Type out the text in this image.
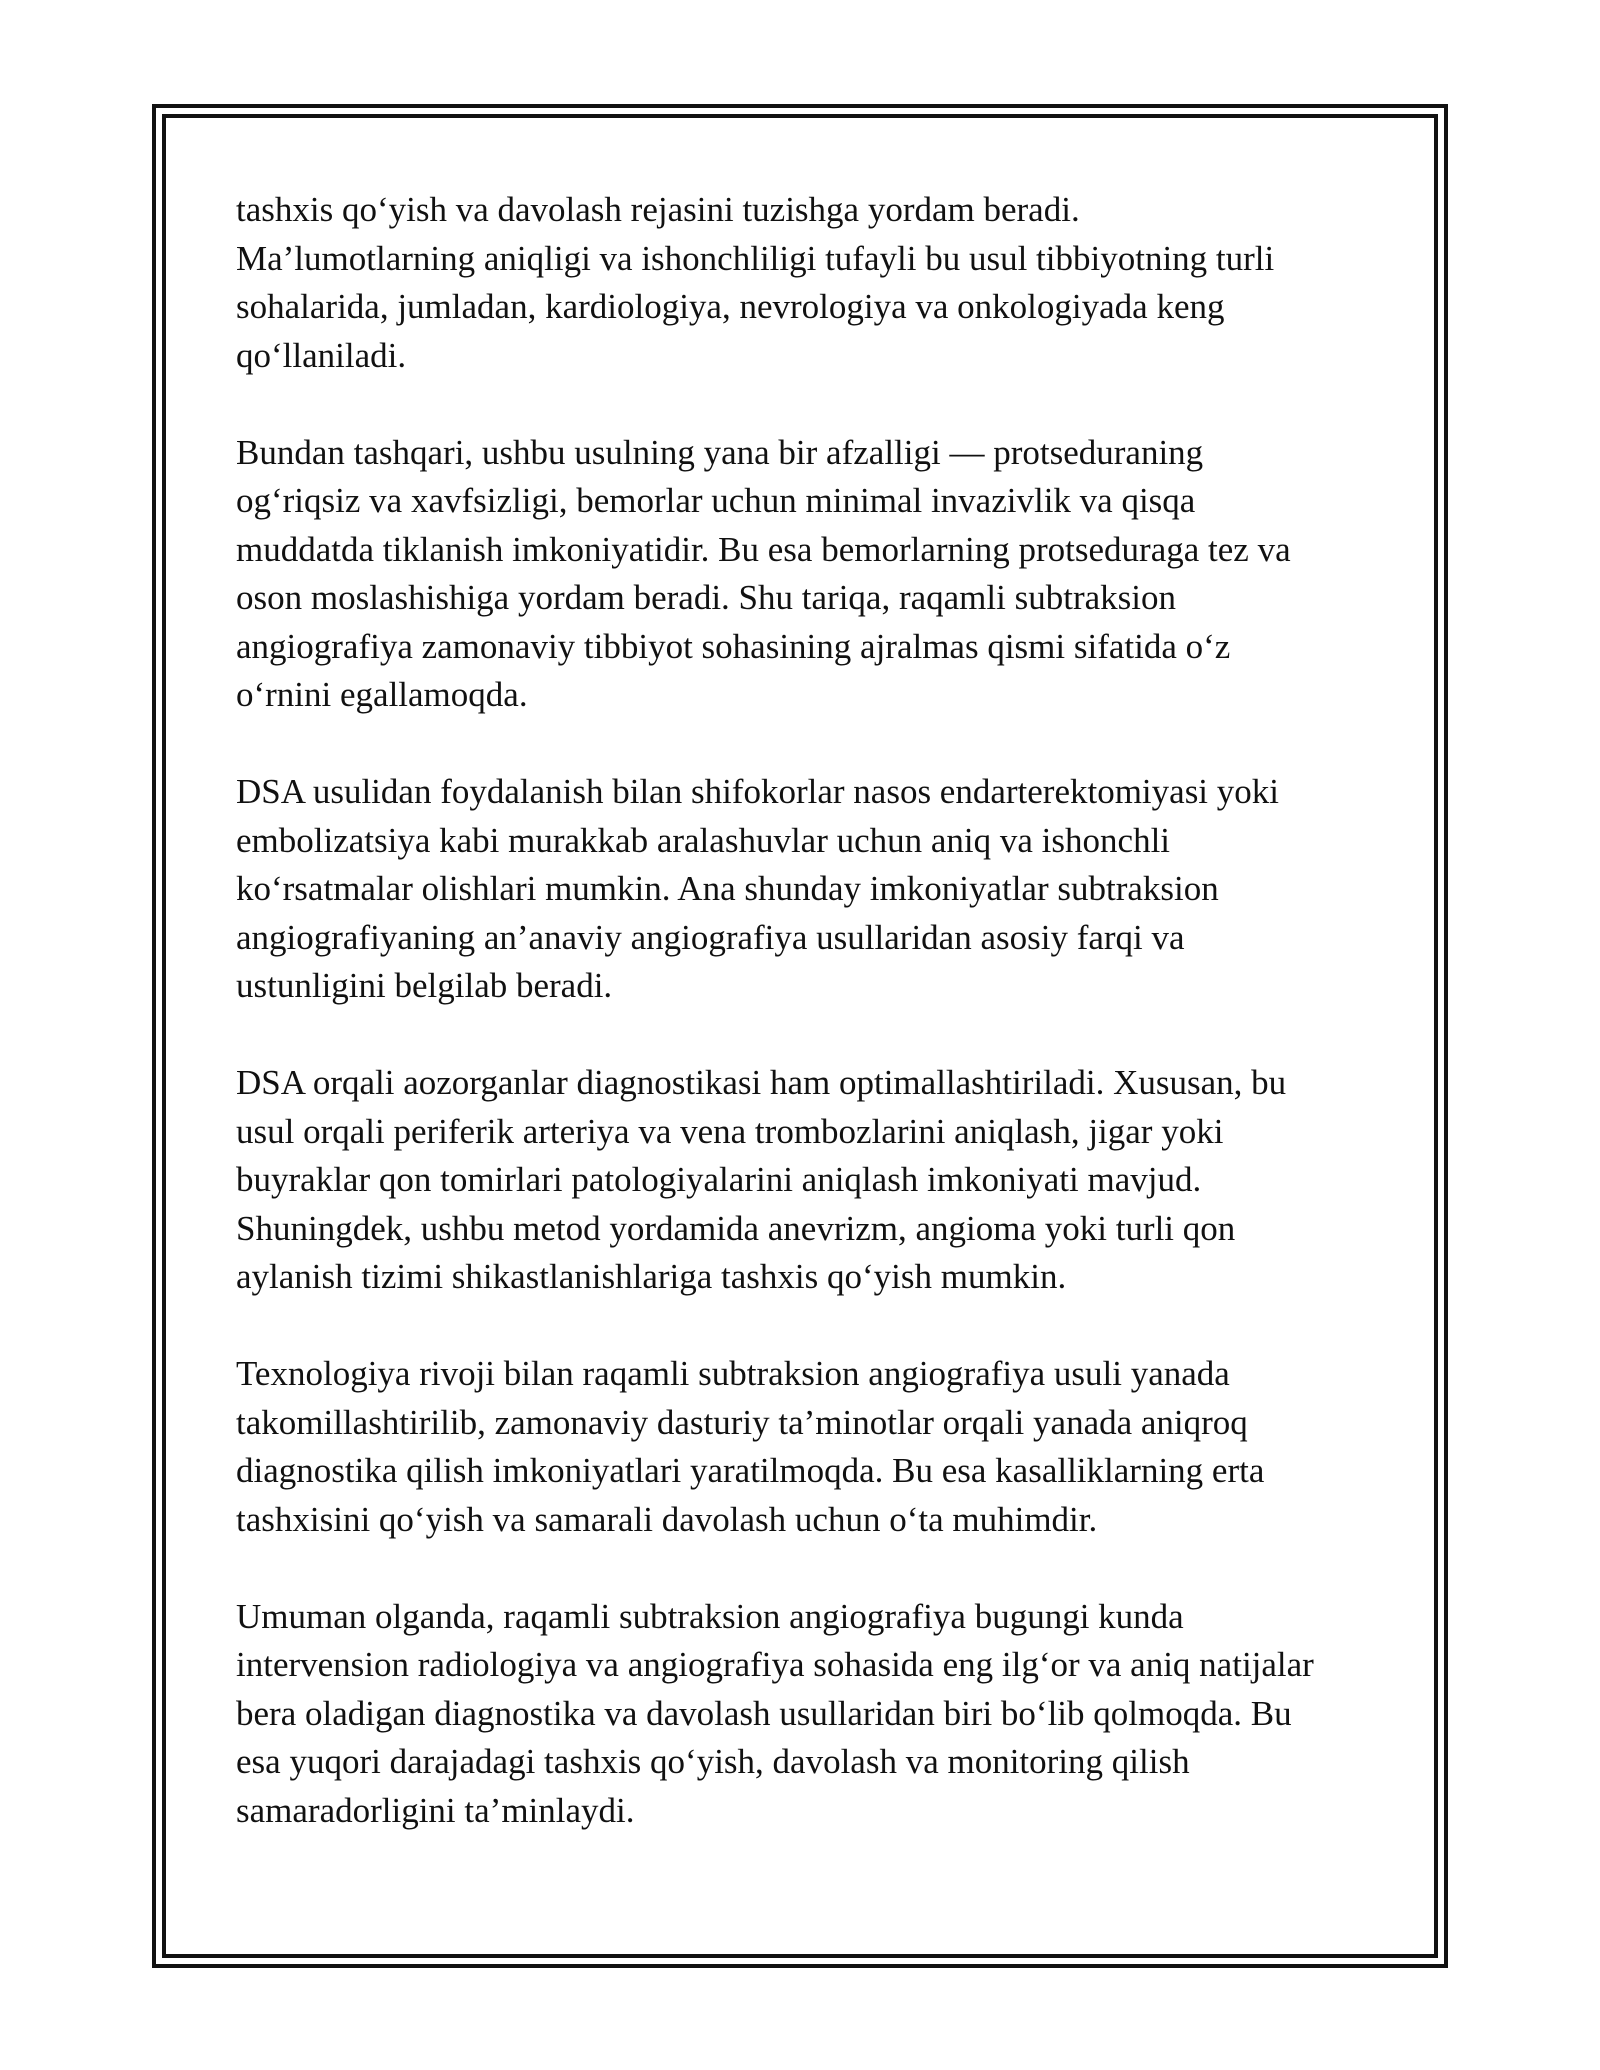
tashxis qo‘yish va davolash rejasini tuzishga yordam beradi.
Ma’lumotlarning aniqligi va ishonchliligi tufayli bu usul tibbiyotning turli
sohalarida, jumladan, kardiologiya, nevrologiya va onkologiyada keng
qo‘llaniladi.

Bundan tashqari, ushbu usulning yana bir afzalligi — protseduraning
og‘riqsiz va xavfsizligi, bemorlar uchun minimal invazivlik va qisqa
muddatda tiklanish imkoniyatidir. Bu esa bemorlarning protseduraga tez va
oson moslashishiga yordam beradi. Shu tariqa, raqamli subtraksion
angiografiya zamonaviy tibbiyot sohasining ajralmas qismi sifatida o‘z
o‘rnini egallamoqda.

DSA usulidan foydalanish bilan shifokorlar nasos endarterektomiyasi yoki
embolizatsiya kabi murakkab aralashuvlar uchun aniq va ishonchli
ko‘rsatmalar olishlari mumkin. Ana shunday imkoniyatlar subtraksion
angiografiyaning an’anaviy angiografiya usullaridan asosiy farqi va
ustunligini belgilab beradi.

DSA orqali aozorganlar diagnostikasi ham optimallashtiriladi. Xususan, bu
usul orqali periferik arteriya va vena trombozlarini aniqlash, jigar yoki
buyraklar qon tomirlari patologiyalarini aniqlash imkoniyati mavjud.
Shuningdek, ushbu metod yordamida anevrizm, angioma yoki turli qon
aylanish tizimi shikastlanishlariga tashxis qo‘yish mumkin.

Texnologiya rivoji bilan raqamli subtraksion angiografiya usuli yanada
takomillashtirilib, zamonaviy dasturiy ta’minotlar orqali yanada aniqroq
diagnostika qilish imkoniyatlari yaratilmoqda. Bu esa kasalliklarning erta
tashxisini qo‘yish va samarali davolash uchun o‘ta muhimdir.

Umuman olganda, raqamli subtraksion angiografiya bugungi kunda
intervension radiologiya va angiografiya sohasida eng ilg‘or va aniq natijalar
bera oladigan diagnostika va davolash usullaridan biri bo‘lib qolmoqda. Bu
esa yuqori darajadagi tashxis qo‘yish, davolash va monitoring qilish
samaradorligini ta’minlaydi.
